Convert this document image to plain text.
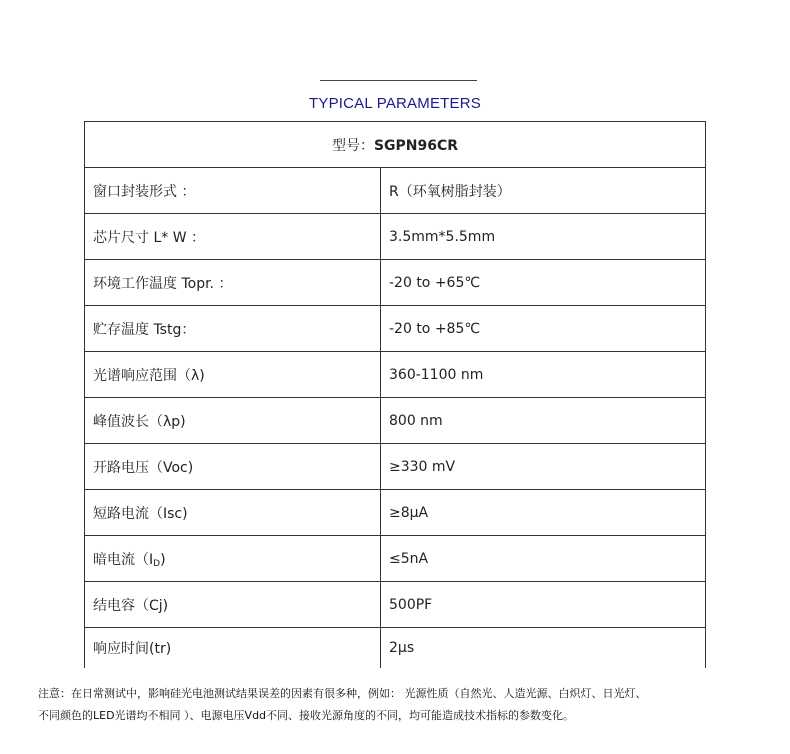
TYPICAL PARAMETERS
型号：SGPN96CR	
窗口封装形式 ：	R（环氧树脂封装）
芯片尺寸 L* W ：	3.5mm*5.5mm
环境工作温度 Topr. ：	-20 to +65℃
贮存温度 Tstg：	-20 to +85℃
光谱响应范围（λ)	360-1100 nm
峰值波长（λp)	800 nm
开路电压（Voc)	≥330 mV
短路电流（Isc)	≥8μA
暗电流$(I_D)$	≤5nA
结电容（Cj)	500PF
响应时间(tr)	2μs
注意：在日常测试中，影响硅光电池测试结果误差的因素有很多种，例如： 光源性质（自然光、人造光源、白炽灯、日光灯、
不同颜色的LED光谱均不相同 ）、电源电压Vdd不同、接收光源角度的不同，均可能造成技术指标的参数变化。
